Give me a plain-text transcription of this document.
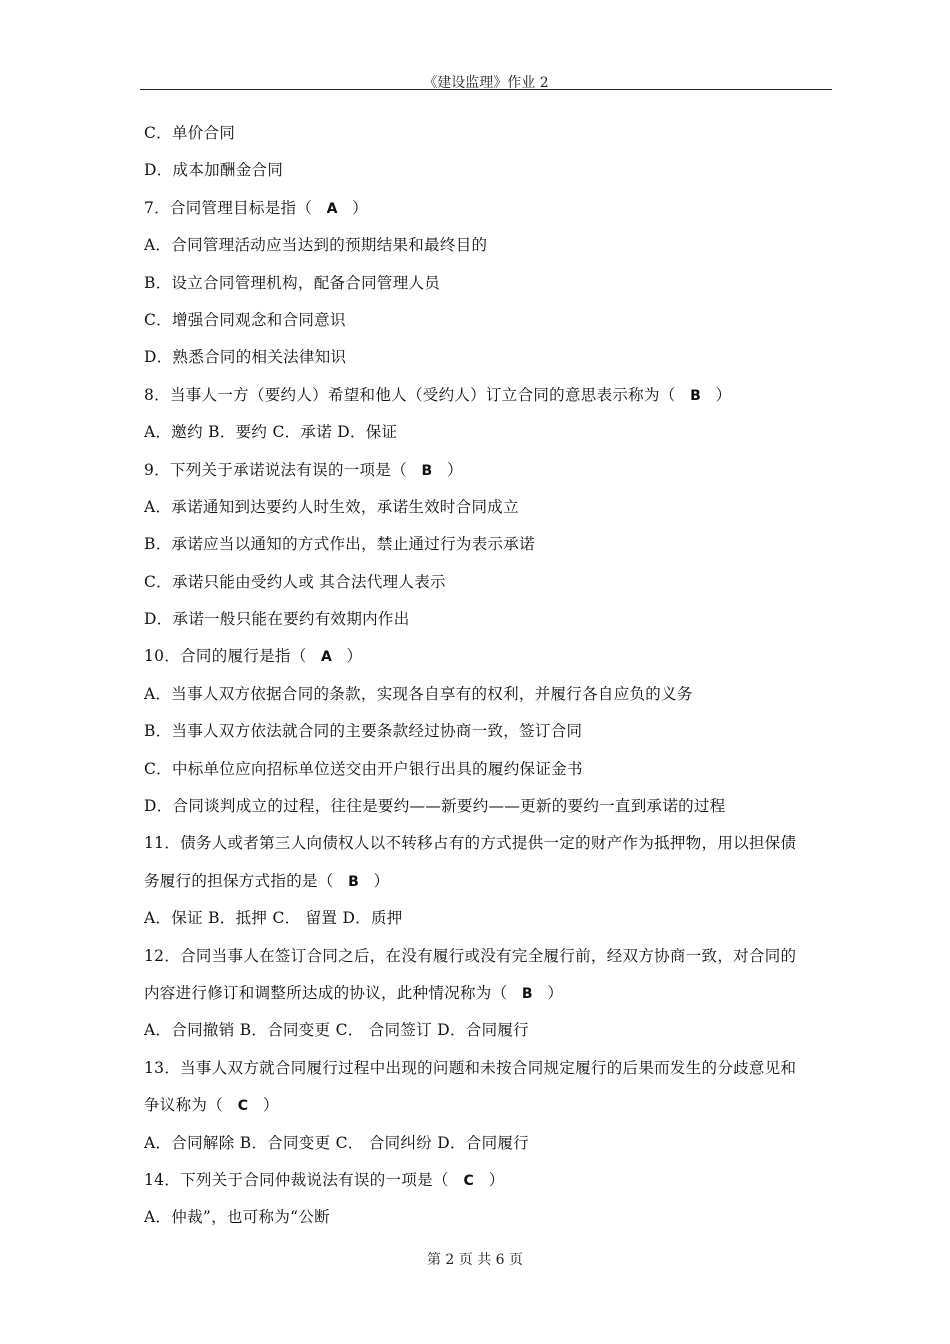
《建设监理》作业 2
C．单价合同
D．成本加酬金合同
7．合同管理目标是指（ A ）
A．合同管理活动应当达到的预期结果和最终目的
B．设立合同管理机构，配备合同管理人员
C．增强合同观念和合同意识
D．熟悉合同的相关法律知识
8．当事人一方（要约人）希望和他人（受约人）订立合同的意思表示称为（ B ）
A．邀约 B．要约 C．承诺 D．保证
9．下列关于承诺说法有误的一项是（ B ）
A．承诺通知到达要约人时生效，承诺生效时合同成立
B．承诺应当以通知的方式作出，禁止通过行为表示承诺
C．承诺只能由受约人或 其合法代理人表示
D．承诺一般只能在要约有效期内作出
10．合同的履行是指（ A ）
A．当事人双方依据合同的条款，实现各自享有的权利，并履行各自应负的义务
B．当事人双方依法就合同的主要条款经过协商一致，签订合同
C．中标单位应向招标单位送交由开户银行出具的履约保证金书
D．合同谈判成立的过程，往往是要约——新要约——更新的要约一直到承诺的过程
11．债务人或者第三人向债权人以不转移占有的方式提供一定的财产作为抵押物，用以担保债
务履行的担保方式指的是（ B ）
A．保证 B．抵押 C． 留置 D．质押
12．合同当事人在签订合同之后，在没有履行或没有完全履行前，经双方协商一致，对合同的
内容进行修订和调整所达成的协议，此种情况称为（ B ）
A．合同撤销 B．合同变更 C． 合同签订 D．合同履行
13．当事人双方就合同履行过程中出现的问题和未按合同规定履行的后果而发生的分歧意见和
争议称为（ C ）
A．合同解除 B．合同变更 C． 合同纠纷 D．合同履行
14．下列关于合同仲裁说法有误的一项是（ C ）
A．仲裁”，也可称为“公断
第 2 页 共 6 页
